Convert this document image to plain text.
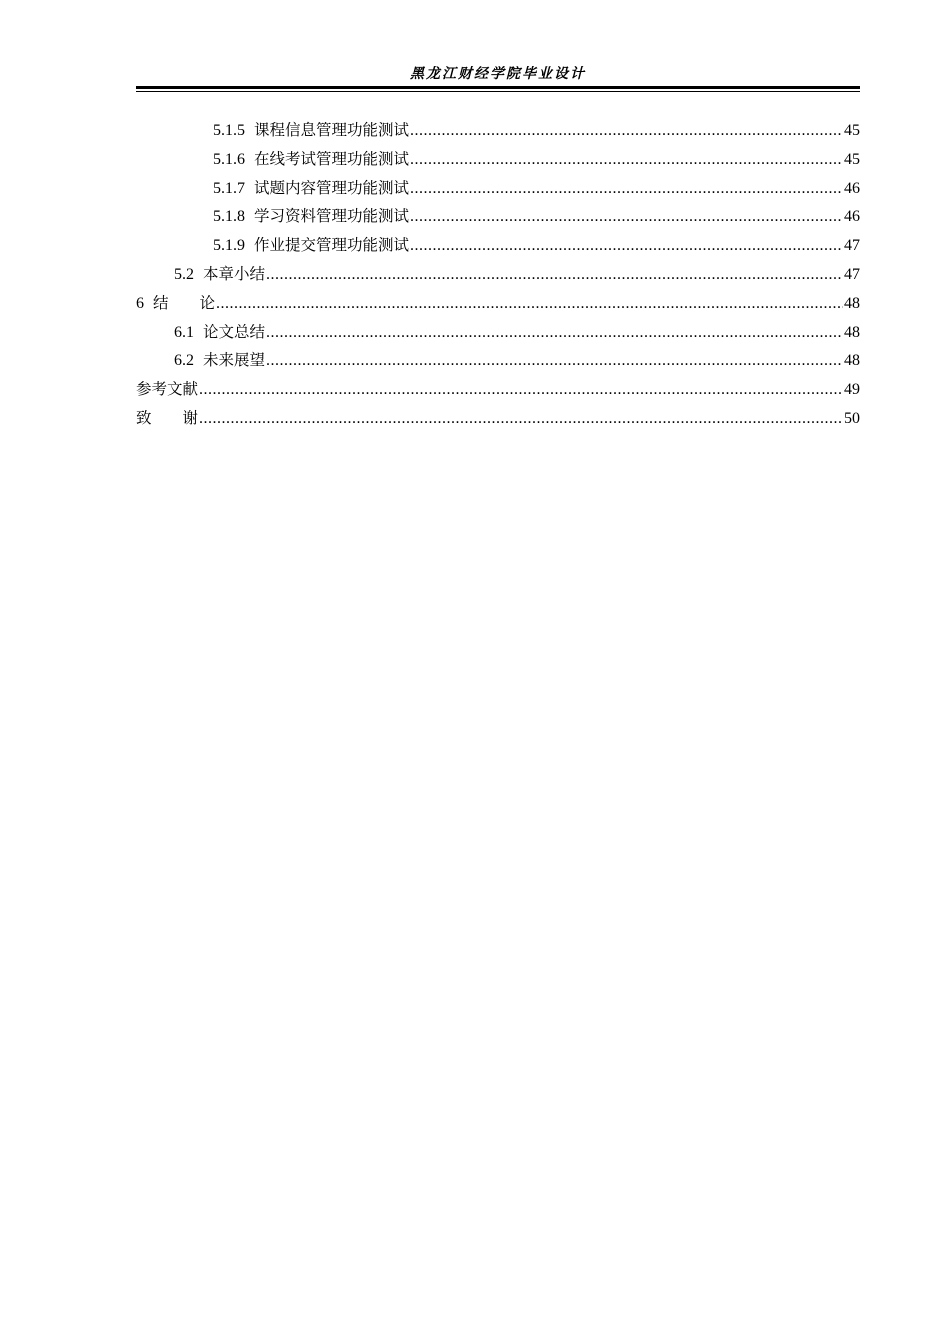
黑龙江财经学院毕业设计
5.1.5 课程信息管理功能测试 .....	45
5.1.6 在线考试管理功能测试 .....	45
5.1.7 试题内容管理功能测试 .....	46
5.1.8 学习资料管理功能测试 .....	46
5.1.9 作业提交管理功能测试 .....	47
5.2 本章小结 .....	47
6 结　　论 .....	48
6.1 论文总结 .....	48
6.2 未来展望 .....	48
参考文献 .....	49
致　　谢 .....	50
